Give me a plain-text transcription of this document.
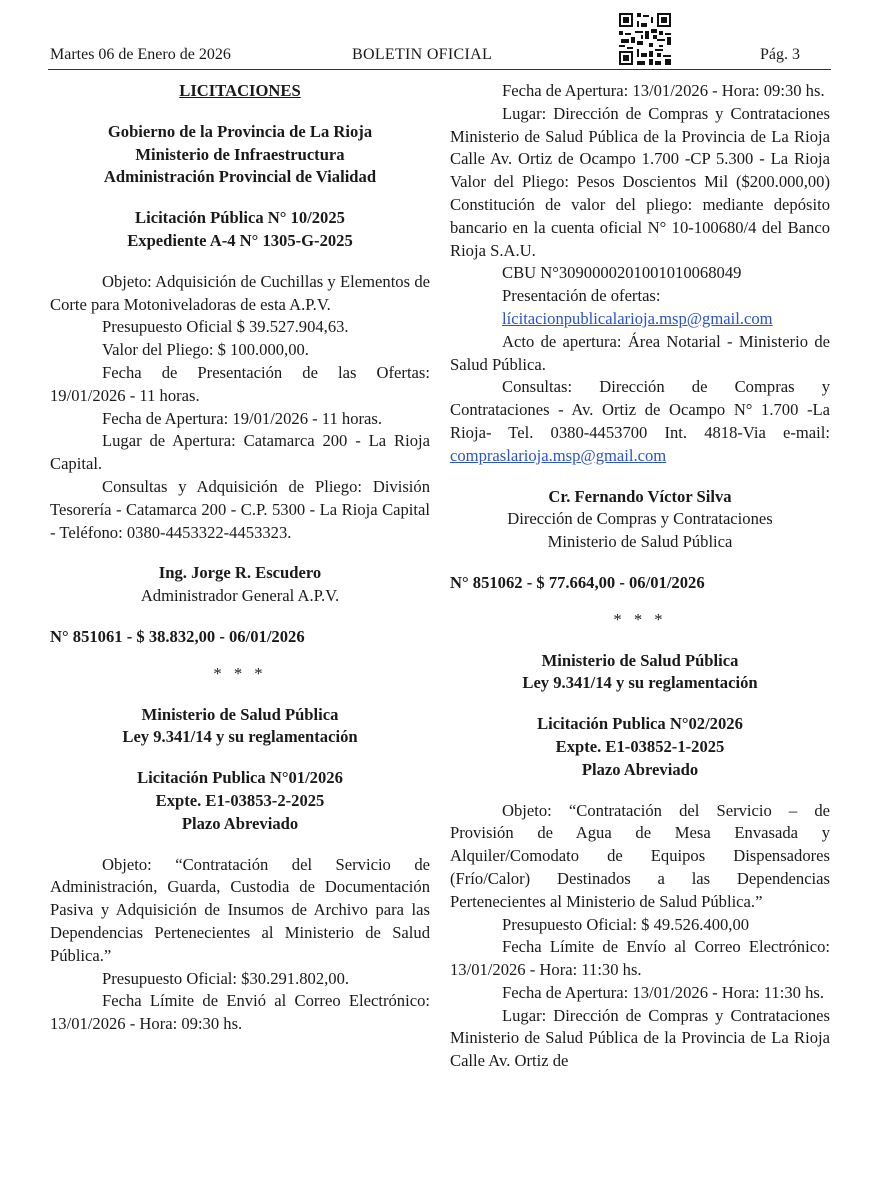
Martes 06 de Enero de 2026	BOLETIN OFICIAL	Pág. 3

LICITACIONES

Gobierno de la Provincia de La Rioja

Ministerio de Infraestructura

Administración Provincial de Vialidad

Licitación Pública N° 10/2025

Expediente A-4 N° 1305-G-2025

Objeto: Adquisición de Cuchillas y Elementos de Corte para Motoniveladoras de esta A.P.V.

Presupuesto Oficial $ 39.527.904,63.

Valor del Pliego: $ 100.000,00.

Fecha de Presentación de las Ofertas: 19/01/2026 - 11 horas.

Fecha de Apertura: 19/01/2026 - 11 horas.

Lugar de Apertura: Catamarca 200 - La Rioja Capital.

Consultas y Adquisición de Pliego: División Tesorería - Catamarca 200 - C.P. 5300 - La Rioja Capital - Teléfono: 0380-4453322-4453323.

Ing. Jorge R. Escudero

Administrador General A.P.V.

N° 851061 - $ 38.832,00 - 06/01/2026

* * *

Ministerio de Salud Pública

Ley 9.341/14 y su reglamentación

Licitación Publica N°01/2026

Expte. E1-03853-2-2025

Plazo Abreviado

Objeto: “Contratación del Servicio de Administración, Guarda, Custodia de Documentación Pasiva y Adquisición de Insumos de Archivo para las Dependencias Pertenecientes al Ministerio de Salud Pública.”

Presupuesto Oficial: $30.291.802,00.

Fecha Límite de Envió al Correo Electrónico: 13/01/2026 - Hora: 09:30 hs.

Fecha de Apertura: 13/01/2026 - Hora: 09:30 hs.

Lugar: Dirección de Compras y Contrataciones Ministerio de Salud Pública de la Provincia de La Rioja Calle Av. Ortiz de Ocampo 1.700 -CP 5.300 - La Rioja Valor del Pliego: Pesos Doscientos Mil ($200.000,00) Constitución de valor del pliego: mediante depósito bancario en la cuenta oficial N° 10-100680/4 del Banco Rioja S.A.U.

CBU N°3090000201001010068049

Presentación de ofertas:

lícitacionpublicalarioja.msp@gmail.com

Acto de apertura: Área Notarial - Ministerio de Salud Pública.

Consultas: Dirección de Compras y Contrataciones - Av. Ortiz de Ocampo N° 1.700 -La Rioja- Tel. 0380-4453700 Int. 4818-Via e-mail: compraslarioja.msp@gmail.com

Cr. Fernando Víctor Silva

Dirección de Compras y Contrataciones

Ministerio de Salud Pública

N° 851062 - $ 77.664,00 - 06/01/2026

* * *

Ministerio de Salud Pública

Ley 9.341/14 y su reglamentación

Licitación Publica N°02/2026

Expte. E1-03852-1-2025

Plazo Abreviado

Objeto: “Contratación del Servicio – de Provisión de Agua de Mesa Envasada y Alquiler/Comodato de Equipos Dispensadores (Frío/Calor) Destinados a las Dependencias Pertenecientes al Ministerio de Salud Pública.”

Presupuesto Oficial: $ 49.526.400,00

Fecha Límite de Envío al Correo Electrónico: 13/01/2026 - Hora: 11:30 hs.

Fecha de Apertura: 13/01/2026 - Hora: 11:30 hs.

Lugar: Dirección de Compras y Contrataciones Ministerio de Salud Pública de la Provincia de La Rioja Calle Av. Ortiz de
